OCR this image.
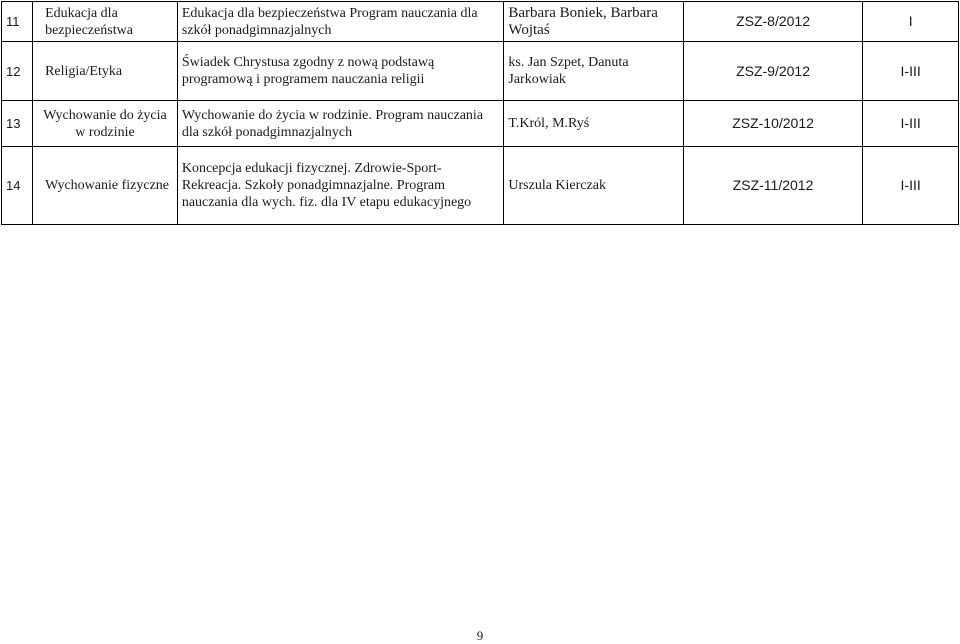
11	Edukacja dla bezpieczeństwa	Edukacja dla bezpieczeństwa Program nauczania dla szkół ponadgimnazjalnych	Barbara Boniek, Barbara Wojtaś	ZSZ-8/2012	I
12	Religia/Etyka	Świadek Chrystusa zgodny z nową podstawą programową i programem nauczania religii	ks. Jan Szpet, Danuta Jarkowiak	ZSZ-9/2012	I-III
13	Wychowanie do życia w rodzinie	Wychowanie do życia w rodzinie. Program nauczania dla szkół ponadgimnazjalnych	T.Król, M.Ryś	ZSZ-10/2012	I-III
14	Wychowanie fizyczne	Koncepcja edukacji fizycznej. Zdrowie-Sport-Rekreacja. Szkoły ponadgimnazjalne. Program nauczania dla wych. fiz. dla IV etapu edukacyjnego	Urszula Kierczak	ZSZ-11/2012	I-III
9
